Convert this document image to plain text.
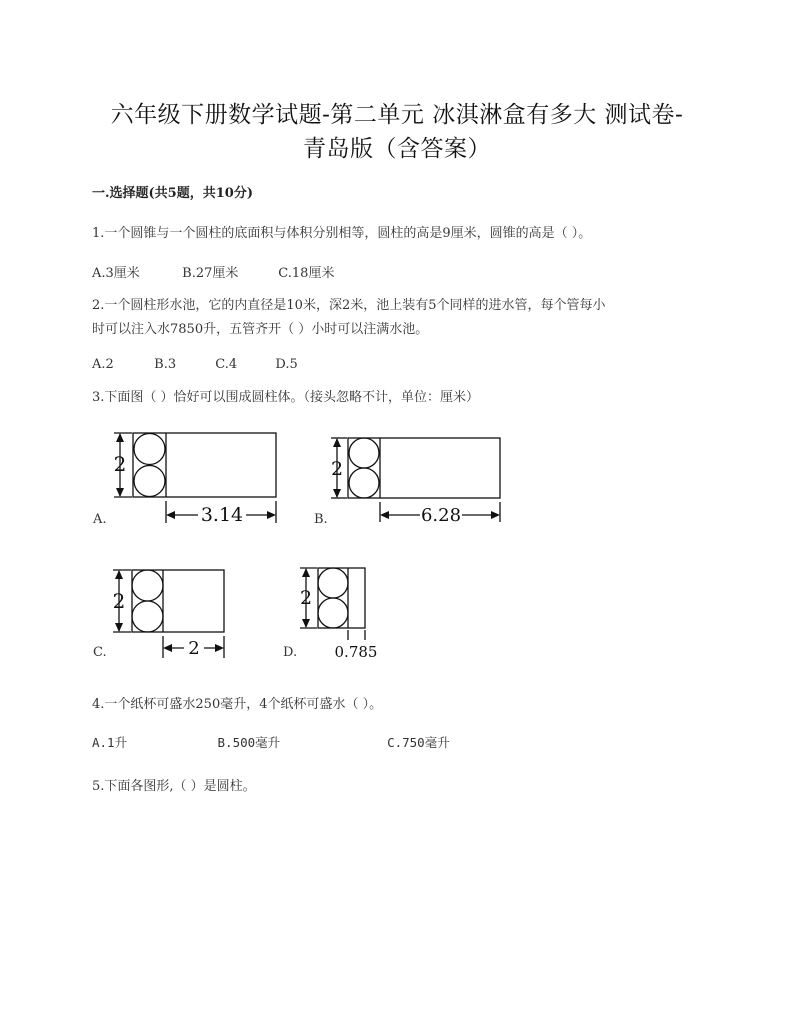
六年级下册数学试题-第二单元 冰淇淋盒有多大 测试卷-
青岛版（含答案）
一.选择题(共5题，共10分)
1.一个圆锥与一个圆柱的底面积与体积分别相等，圆柱的高是9厘米，圆锥的高是（ ）。
A.3厘米	B.27厘米	C.18厘米
2.一个圆柱形水池，它的内直径是10米，深2米，池上装有5个同样的进水管，每个管每小
时可以注入水7850升，五管齐开（ ）小时可以注满水池。
A.2	B.3	C.4	D.5
3.下面图（ ）恰好可以围成圆柱体。（接头忽略不计，单位：厘米）
A.
2
3.14	B.
2
6.28
C.
2
2	D.
2
0.785
4.一个纸杯可盛水250毫升，4个纸杯可盛水（ ）。
A.1升	B.500毫升	C.750毫升
5.下面各图形,（ ）是圆柱。
